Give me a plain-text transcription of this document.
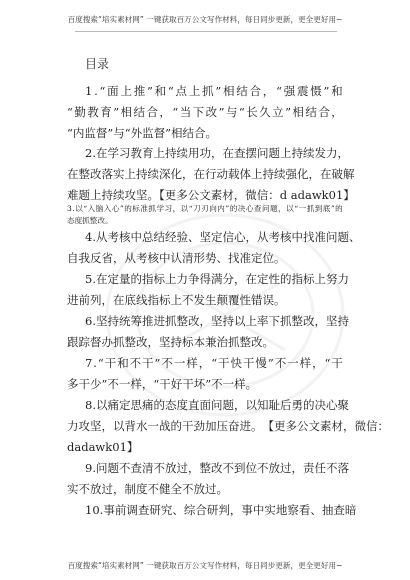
百度搜索“培实素材网” 一键获取百万公文写作材料，每日同步更新，更全更好用~
目录
1 . “ 面 上 推 ” 和 “ 点 上 抓 ” 相 结 合 ， “ 强 震 慑 ” 和
“ 勤 教 育 ” 相 结 合 ， “ 当 下 改 ” 与 “ 长 久 立 ” 相 结 合 ，
“内监督”与“外监督”相结合。
2 . 在 学 习 教 育 上 持 续 用 功 ， 在 查 摆 问 题 上 持 续 发 力 ，
在 整 改 落 实 上 持 续 深 化 ， 在 行 动 载 体 上 持 续 强 化 ， 在 破 解
难题上持续攻坚。【更多公文素材，微信：d adawk01】
3 . 以 “ 入 脑 入 心 ” 的 标 准 抓 学 习 ， 以 “ 刀 刃 向 内 ” 的 决 心 查 问 题 ， 以 “ 一 抓 到 底 ” 的
态度抓整改。
4 . 从 考 核 中 总 结 经 验 、 坚 定 信 心 ， 从 考 核 中 找 准 问 题 、
自我反省，从考核中认清形势、找准定位。
5 . 在 定 量 的 指 标 上 力 争 得 满 分 ， 在 定 性 的 指 标 上 努 力
进前列，在底线指标上不发生颠覆性错误。
6 . 坚 持 统 筹 推 进 抓 整 改 ， 坚 持 以 上 率 下 抓 整 改 ， 坚 持
跟踪督办抓整改，坚持标本兼治抓整改。
7 . “ 干 和 不 干 ” 不 一 样 ， “ 干 快 干 慢 ” 不 一 样 ， “ 干
多干少”不一样，“干好干坏”不一样。
8 . 以 痛 定 思 痛 的 态 度 直 面 问 题 ， 以 知 耻 后 勇 的 决 心 聚
力 攻 坚 ， 以 背 水 一 战 的 干 劲 加 压 奋 进 。 【 更 多 公 文 素 材 ， 微 信 ：
dadawk01】
9 . 问 题 不 查 清 不 放 过 ， 整 改 不 到 位 不 放 过 ， 责 任 不 落
实不放过，制度不健全不放过。
1 0 . 事 前 调 查 研 究 、 综 合 研 判 ， 事 中 实 地 察 看 、 抽 查 暗
百度搜索“培实素材网” 一键获取百万公文写作材料，每日同步更新，更全更好用~
